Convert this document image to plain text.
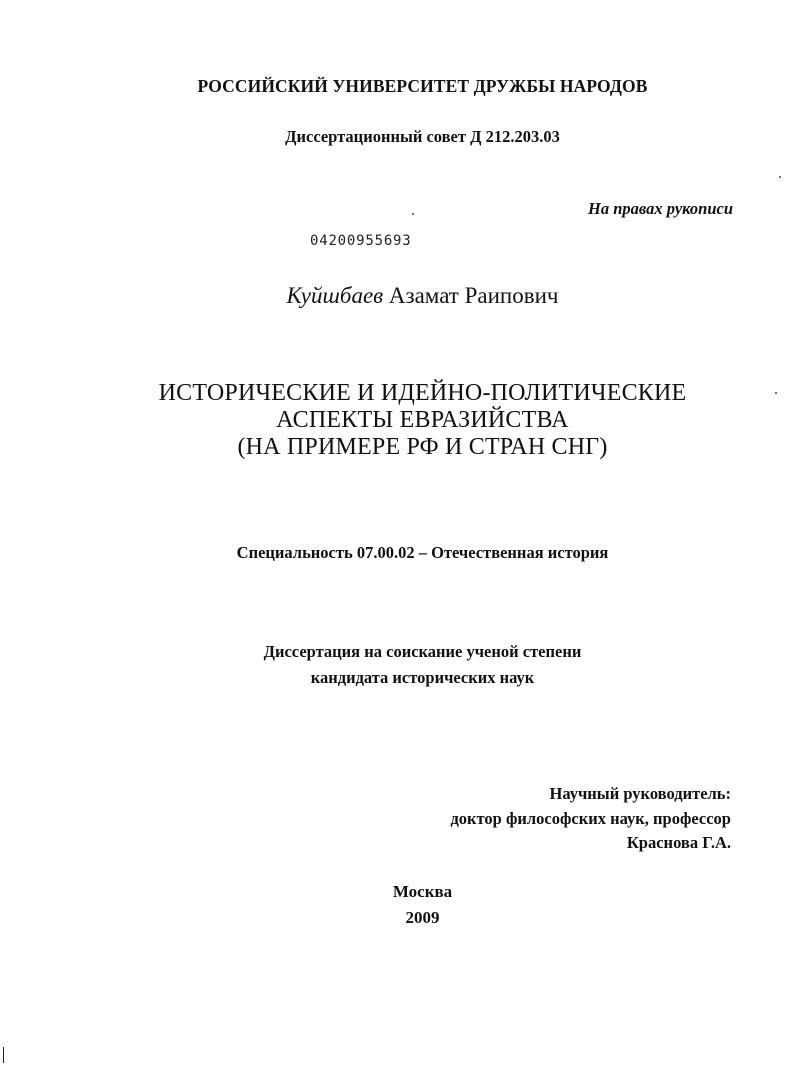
РОССИЙСКИЙ УНИВЕРСИТЕТ ДРУЖБЫ НАРОДОВ
Диссертационный совет Д 212.203.03
На правах рукописи
04200955693
Куйшбаев Азамат Раипович
ИСТОРИЧЕСКИЕ И ИДЕЙНО-ПОЛИТИЧЕСКИЕ
АСПЕКТЫ ЕВРАЗИЙСТВА
(НА ПРИМЕРЕ РФ И СТРАН СНГ)
Специальность 07.00.02 – Отечественная история
Диссертация на соискание ученой степени
кандидата исторических наук
Научный руководитель:
доктор философских наук, профессор
Краснова Г.А.
Москва
2009
